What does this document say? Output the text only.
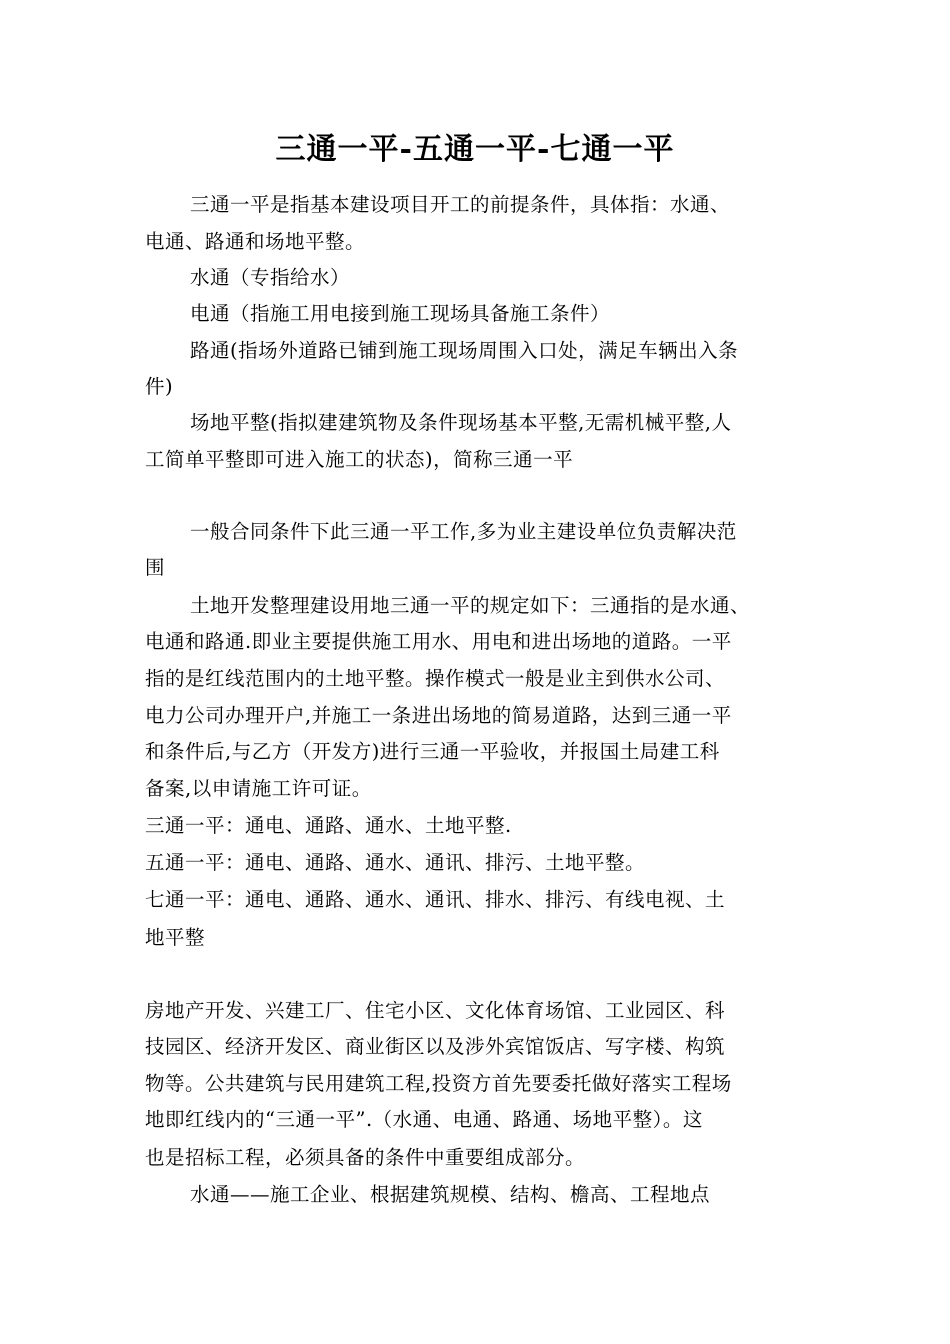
三通一平-五通一平-七通一平
三通一平是指基本建设项目开工的前提条件，具体指：水通、
电通、路通和场地平整。
水通（专指给水）
电通（指施工用电接到施工现场具备施工条件）
路通(指场外道路已铺到施工现场周围入口处，满足车辆出入条
件)
场地平整(指拟建建筑物及条件现场基本平整,无需机械平整,人
工简单平整即可进入施工的状态)，简称三通一平
一般合同条件下此三通一平工作,多为业主建设单位负责解决范
围
土地开发整理建设用地三通一平的规定如下：三通指的是水通、
电通和路通.即业主要提供施工用水、用电和进出场地的道路。一平
指的是红线范围内的土地平整。操作模式一般是业主到供水公司、
电力公司办理开户,并施工一条进出场地的简易道路，达到三通一平
和条件后,与乙方（开发方)进行三通一平验收，并报国土局建工科
备案,以申请施工许可证。
三通一平：通电、通路、通水、土地平整.
五通一平：通电、通路、通水、通讯、排污、土地平整。
七通一平：通电、通路、通水、通讯、排水、排污、有线电视、土
地平整
房地产开发、兴建工厂、住宅小区、文化体育场馆、工业园区、科
技园区、经济开发区、商业街区以及涉外宾馆饭店、写字楼、构筑
物等。公共建筑与民用建筑工程,投资方首先要委托做好落实工程场
地即红线内的“三通一平”.（水通、电通、路通、场地平整）。这
也是招标工程，必须具备的条件中重要组成部分。
水通——施工企业、根据建筑规模、结构、檐高、工程地点
